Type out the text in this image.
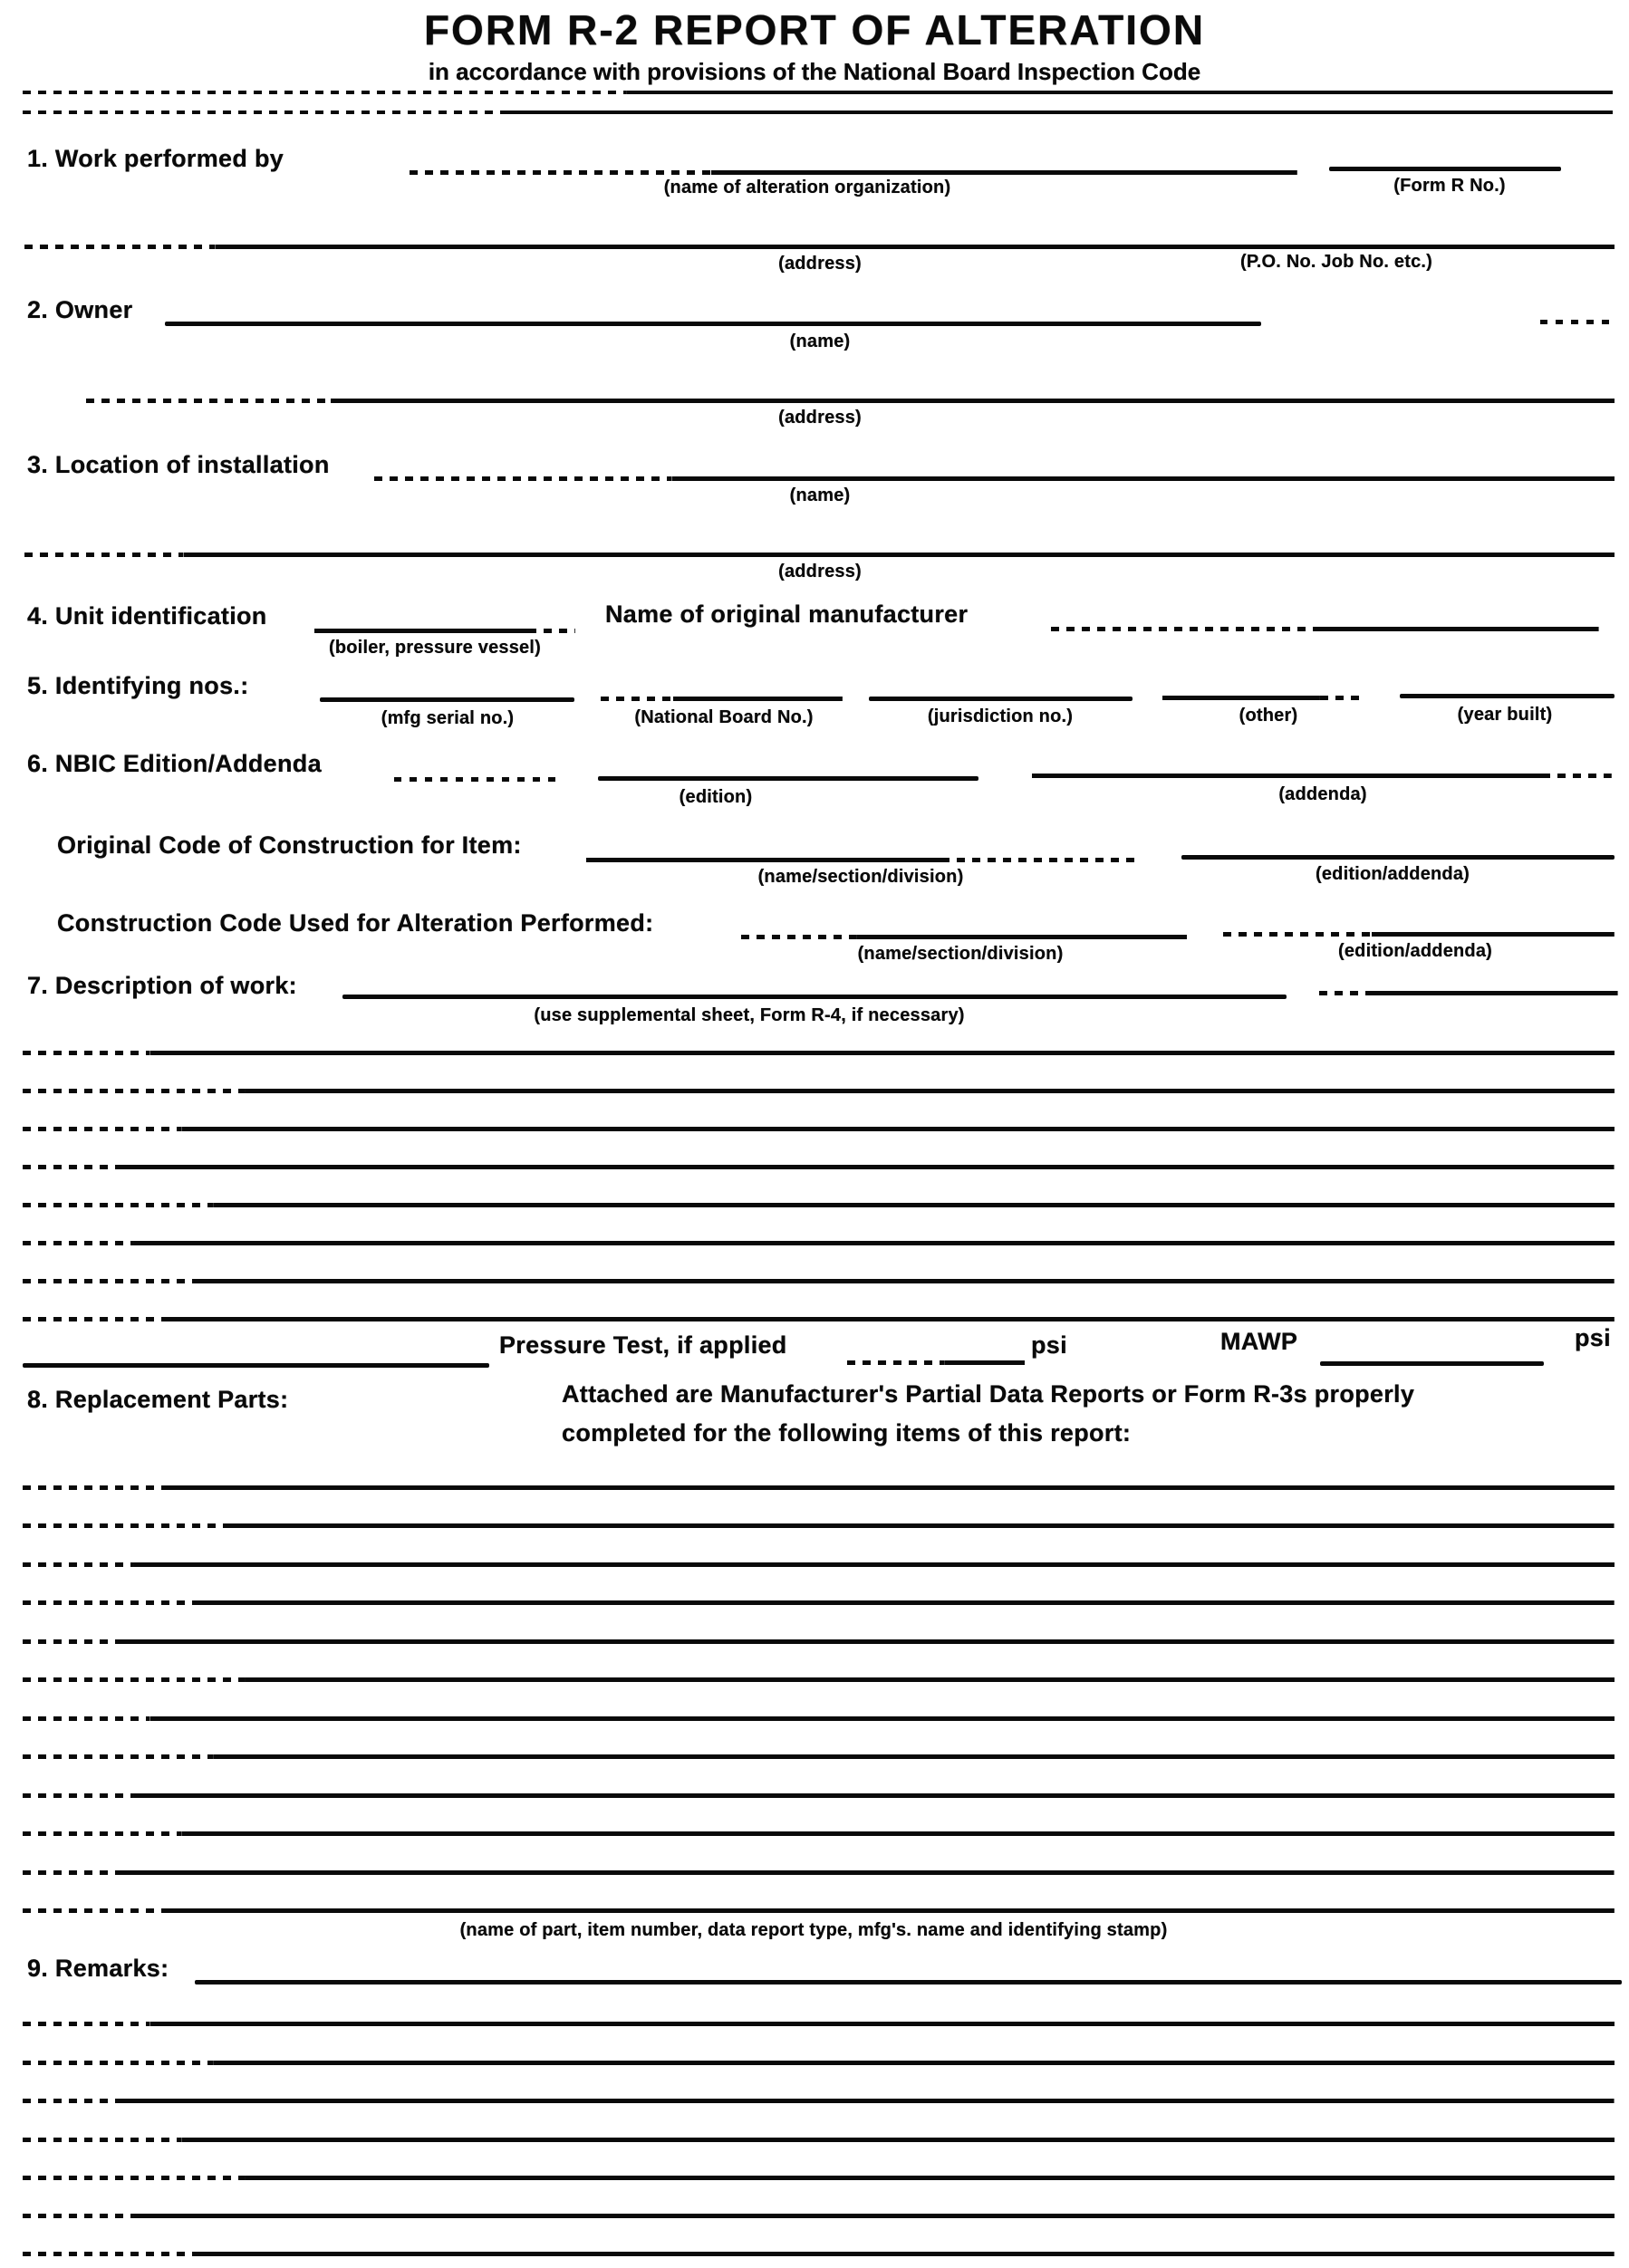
FORM R-2 REPORT OF ALTERATION
in accordance with provisions of the National Board Inspection Code
1. Work performed by
(name of alteration organization)	(Form R No.)
(address)	(P.O. No. Job No. etc.)
2. Owner
(name)
(address)
3. Location of installation
(name)
(address)
4. Unit identification
(boiler, pressure vessel)
Name of original manufacturer
5. Identifying nos.:
(mfg serial no.)	(National Board No.)	(jurisdiction no.)	(other)	(year built)
6. NBIC Edition/Addenda
(edition)	(addenda)
Original Code of Construction for Item:
(name/section/division)	(edition/addenda)
Construction Code Used for Alteration Performed:
(name/section/division)	(edition/addenda)
7. Description of work:
(use supplemental sheet, Form R-4, if necessary)
Pressure Test, if applied	psi	MAWP	psi
8. Replacement Parts:	Attached are Manufacturer's Partial Data Reports or Form R-3s properly
completed for the following items of this report:
(name of part, item number, data report type, mfg's. name and identifying stamp)
9. Remarks:
